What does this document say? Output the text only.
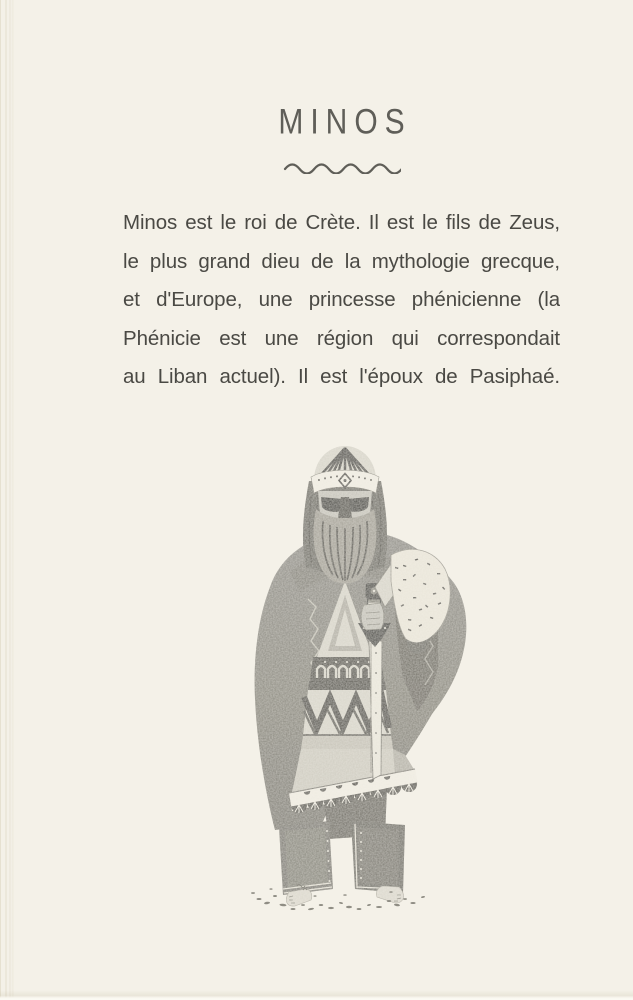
MINOS
Minos est le roi de Crète. Il est le fils de Zeus,
le plus grand dieu de la mythologie grecque,
et d'Europe, une princesse phénicienne (la
Phénicie est une région qui correspondait
au Liban actuel). Il est l'époux de Pasiphaé.
